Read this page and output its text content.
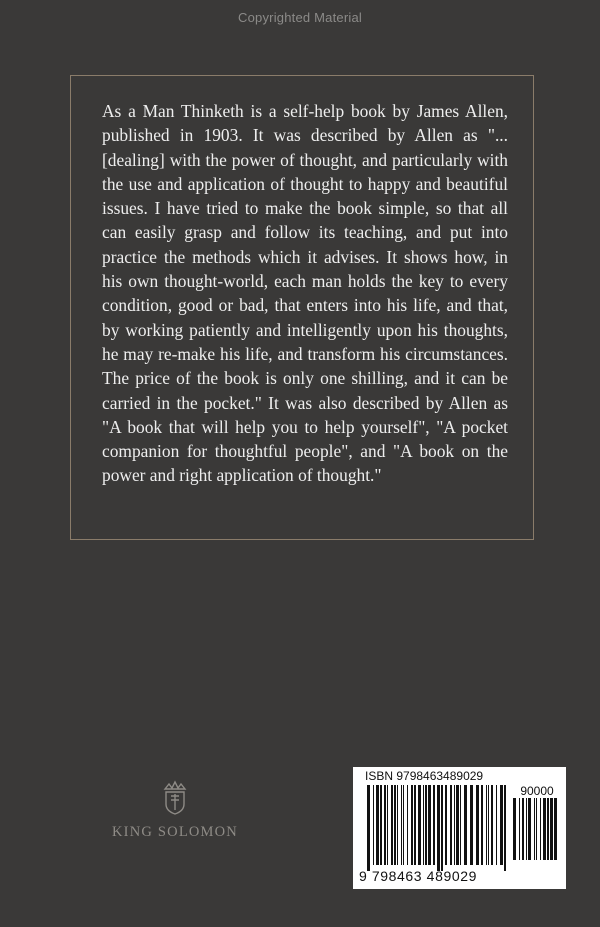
Copyrighted Material

As a Man Thinketh is a self-help book by James Allen, published in 1903. It was described by Allen as "...[dealing] with the power of thought, and particularly with the use and application of thought to happy and beautiful issues. I have tried to make the book simple, so that all can easily grasp and follow its teaching, and put into practice the methods which it advises. It shows how, in his own thought-world, each man holds the key to every condition, good or bad, that enters into his life, and that, by working patiently and intelligently upon his thoughts, he may re-make his life, and transform his circumstances. The price of the book is only one shilling, and it can be carried in the pocket." It was also described by Allen as "A book that will help you to help yourself", "A pocket companion for thoughtful people", and "A book on the power and right application of thought."

KING SOLOMON
ISBN 9798463489029
90000
9 798463 489029
